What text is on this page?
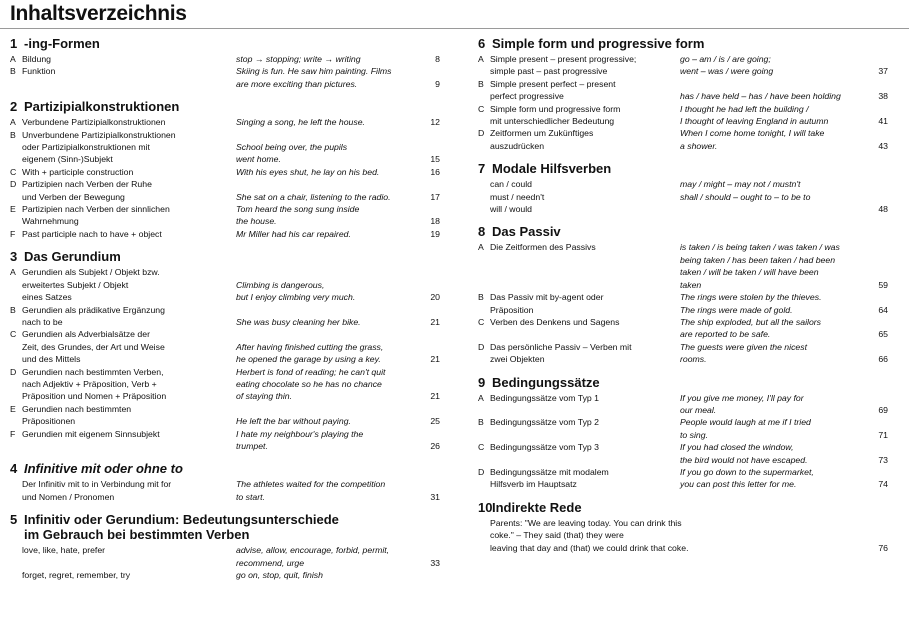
Inhaltsverzeichnis
1 -ing-Formen
A Bildung	stop → stopping; write → writing	8
B Funktion	Skiing is fun. He saw him painting. Films
are more exciting than pictures.	9
2 Partizipialkonstruktionen
A Verbundene Partizipialkonstruktionen	Singing a song, he left the house.	12
B Unverbundene Partizipialkonstruktionen
oder Partizipialkonstruktionen mit
eigenem (Sinn-)Subjekt

School being over, the pupils
went home.	15
C With + participle construction	With his eyes shut, he lay on his bed.	16
D Partizipien nach Verben der Ruhe
und Verben der Bewegung	
She sat on a chair, listening to the radio.	17
E Partizipien nach Verben der sinnlichen
Wahrnehmung
Tom heard the song sung inside
the house.	18
F Past participle nach to have + object	Mr Miller had his car repaired.	19
3 Das Gerundium
A Gerundien als Subjekt / Objekt bzw.
erweitertes Subjekt / Objekt
eines Satzes

Climbing is dangerous,
but I enjoy climbing very much.	20
B Gerundien als prädikative Ergänzung
nach to be	
She was busy cleaning her bike.	21
C Gerundien als Adverbialsätze der
Zeit, des Grundes, der Art und Weise
und des Mittels

After having finished cutting the grass,
he opened the garage by using a key.	21
D Gerundien nach bestimmten Verben,
nach Adjektiv + Präposition, Verb +
Präposition und Nomen + Präposition
Herbert is fond of reading; he can't quit
eating chocolate so he has no chance
of staying thin.	21
E Gerundien nach bestimmten
Präpositionen	
He left the bar without paying.	25
F Gerundien mit eigenem Sinnsubjekt	I hate my neighbour's playing the
trumpet.	26
4 Infinitive mit oder ohne to
Der Infinitiv mit to in Verbindung mit for
und Nomen / Pronomen
The athletes waited for the competition
to start.	31
5 Infinitiv oder Gerundium: Bedeutungsunterschiede
im Gebrauch bei bestimmten Verben
love, like, hate, prefer	advise, allow, encourage, forbid, permit,
recommend, urge	33
forget, regret, remember, try	go on, stop, quit, finish
6 Simple form und progressive form
A Simple present – present progressive;
simple past – past progressive
go – am / is / are going;
went – was / were going	37
B Simple present perfect – present
perfect progressive	
has / have held – has / have been holding	38
C Simple form und progressive form
mit unterschiedlicher Bedeutung
I thought he had left the building /
I thought of leaving England in autumn	41
D Zeitformen um Zukünftiges
auszudrücken
When I come home tonight, I will take
a shower.	43
7 Modale Hilfsverben
can / could
must / needn't
will / would
may / might – may not / mustn't
shall / should – ought to – to be to
48
8 Das Passiv
A Die Zeitformen des Passivs	is taken / is being taken / was taken / was
being taken / has been taken / had been
taken / will be taken / will have been
taken	59
B Das Passiv mit by-agent oder
Präposition
The rings were stolen by the thieves.
The rings were made of gold.	64
C Verben des Denkens und Sagens	The ship exploded, but all the sailors
are reported to be safe.	65
D Das persönliche Passiv – Verben mit
zwei Objekten
The guests were given the nicest
rooms.	66
9 Bedingungssätze
A Bedingungssätze vom Typ 1	If you give me money, I'll pay for
our meal.	69
B Bedingungssätze vom Typ 2	People would laugh at me if I tried
to sing.	71
C Bedingungssätze vom Typ 3	If you had closed the window,
the bird would not have escaped.	73
D Bedingungssätze mit modalem
Hilfsverb im Hauptsatz
If you go down to the supermarket,
you can post this letter for me.	74
10 Indirekte Rede
Parents: "We are leaving today. You can drink this coke." – They said (that) they were
leaving that day and (that) we could drink that coke.	76
